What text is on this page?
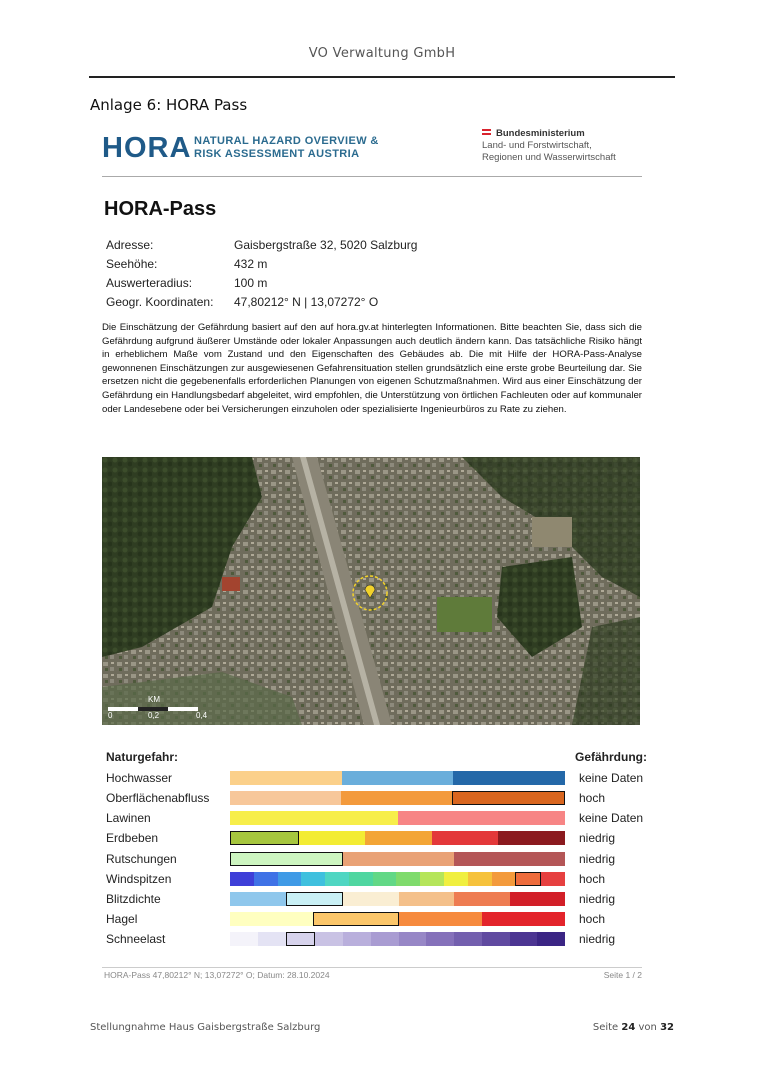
VO Verwaltung GmbH
Anlage 6: HORA Pass
HORA NATURAL HAZARD OVERVIEW &
RISK ASSESSMENT AUSTRIA
Bundesministerium
Land- und Forstwirtschaft,
Regionen und Wasserwirtschaft
HORA-Pass
Adresse:	Gaisbergstraße 32, 5020 Salzburg
Seehöhe:	432 m
Auswerteradius:	100 m
Geogr. Koordinaten: 47,80212° N | 13,07272° O
Die Einschätzung der Gefährdung basiert auf den auf hora.gv.at hinterlegten Informationen. Bitte beachten Sie, dass sich die Gefährdung aufgrund äußerer Umstände oder lokaler Anpassungen auch deutlich ändern kann. Das tatsächliche Risiko hängt in erheblichem Maße vom Zustand und den Eigenschaften des Gebäudes ab. Die mit Hilfe der HORA-Pass-Analyse gewonnenen Einschätzungen zur ausgewiesenen Gefahrensituation stellen grundsätzlich eine erste grobe Beurteilung dar. Sie ersetzen nicht die gegebenenfalls erforderlichen Planungen von eigenen Schutzmaßnahmen. Wird aus einer Einschätzung der Gefährdung ein Handlungsbedarf abgeleitet, wird empfohlen, die Unterstützung von örtlichen Fachleuten oder auf kommunaler oder Landesebene oder bei Versicherungen einzuholen oder spezialisierte Ingenieurbüros zu Rate zu ziehen.
0
KM
0,2	0,4
Naturgefahr:	Gefährdung:
Hochwasser	keine Daten
Oberflächenabfluss	hoch
Lawinen	keine Daten
Erdbeben	niedrig
Rutschungen	niedrig
Windspitzen	hoch
Blitzdichte	niedrig
Hagel	hoch
Schneelast	niedrig
HORA-Pass 47,80212° N; 13,07272° O; Datum: 28.10.2024	Seite 1 / 2
Stellungnahme Haus Gaisbergstraße Salzburg	Seite 24 von 32
